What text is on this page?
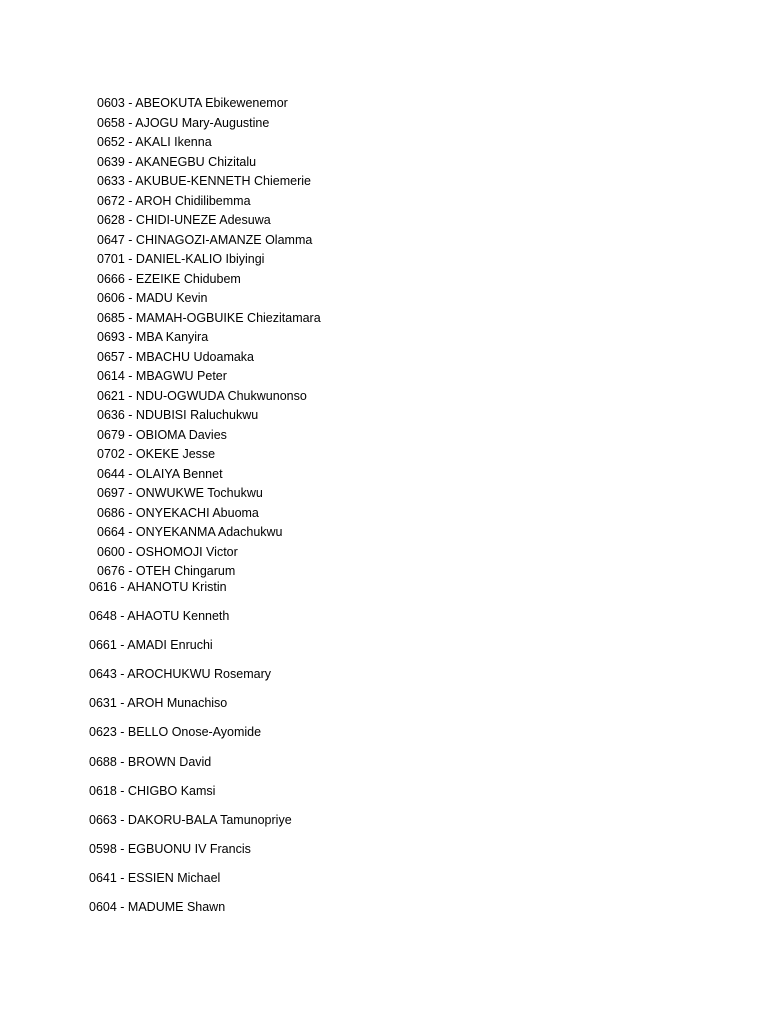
0603 - ABEOKUTA Ebikewenemor
0658 - AJOGU Mary-Augustine
0652 - AKALI Ikenna
0639 - AKANEGBU Chizitalu
0633 - AKUBUE-KENNETH Chiemerie
0672 - AROH Chidilibemma
0628 - CHIDI-UNEZE Adesuwa
0647 - CHINAGOZI-AMANZE Olamma
0701 - DANIEL-KALIO Ibiyingi
0666 - EZEIKE Chidubem
0606 - MADU Kevin
0685 - MAMAH-OGBUIKE Chiezitamara
0693 - MBA Kanyira
0657 - MBACHU Udoamaka
0614 - MBAGWU Peter
0621 - NDU-OGWUDA Chukwunonso
0636 - NDUBISI Raluchukwu
0679 - OBIOMA Davies
0702 - OKEKE Jesse
0644 - OLAIYA Bennet
0697 - ONWUKWE Tochukwu
0686 - ONYEKACHI Abuoma
0664 - ONYEKANMA Adachukwu
0600 - OSHOMOJI Victor
0676 - OTEH Chingarum
0616 - AHANOTU Kristin
0648 - AHAOTU Kenneth
0661 - AMADI Enruchi
0643 - AROCHUKWU Rosemary
0631 - AROH Munachiso
0623 - BELLO Onose-Ayomide
0688 - BROWN David
0618 - CHIGBO Kamsi
0663 - DAKORU-BALA Tamunopriye
0598 - EGBUONU IV Francis
0641 - ESSIEN Michael
0604 - MADUME Shawn
